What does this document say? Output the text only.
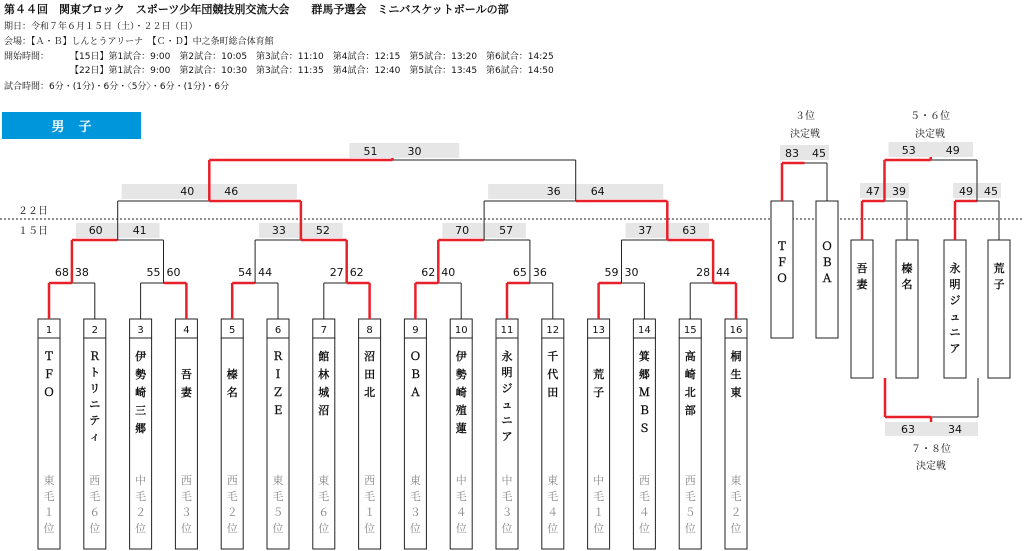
第４４回　関東ブロック　スポーツ少年団競技別交流大会　　群馬予選会　ミニバスケットボールの部
期日：令和７年６月１５日（土）・２２日（日）
会場：【Ａ・Ｂ】しんとうアリーナ　【Ｃ・Ｄ】中之条町総合体育館
開始時間： 【15日】第1試合：9:00　第2試合：10:05　第3試合：11:10　第4試合：12:15　第5試合：13:20　第6試合：14:25
【22日】第1試合：9:00　第2試合：10:30　第3試合：11:35　第4試合：12:40　第5試合：13:45　第6試合：14:50
試合時間：6分・(1分)・6分・〈5分〉・6分・(1分)・6分
男子
２２日
１５日
1
Ｔ
Ｆ
Ｏ
東
毛
１
位
2
Ｒ
ト
リ
ニ
テ
ィ
西
毛
６
位
3
伊
勢
崎
三
郷
中
毛
２
位
4
吾
妻
西
毛
３
位
5
榛
名
西
毛
２
位
6
Ｒ
Ｉ
Ｚ
Ｅ
東
毛
５
位
7
館
林
城
沼
東
毛
６
位
8
沼
田
北
西
毛
１
位
9
Ｏ
Ｂ
Ａ
東
毛
３
位
10
伊
勢
崎
殖
蓮
中
毛
４
位
11
永
明
ジ
ュ
ニ
ア
中
毛
３
位
12
千
代
田
東
毛
４
位
13
荒
子
中
毛
１
位
14
箕
郷
Ｍ
Ｂ
Ｓ
西
毛
４
位
15
高
崎
北
部
西
毛
５
位
16
桐
生
東
東
毛
２
位
68 38	55 60	54 44	27 62	62 40	65 36	59 30	28 44
60	41	33	52	70	57	37	63
40	46	36	64
51	30
３位
決定戦
Ｔ
Ｆ
Ｏ
Ｏ
Ｂ
Ａ
83 45
５・６位
決定戦
吾
妻
榛
名
永
明
ジ
ュ
ニ
ア
荒
子
47 39	49 45
53	49
63	34
７・８位
決定戦
